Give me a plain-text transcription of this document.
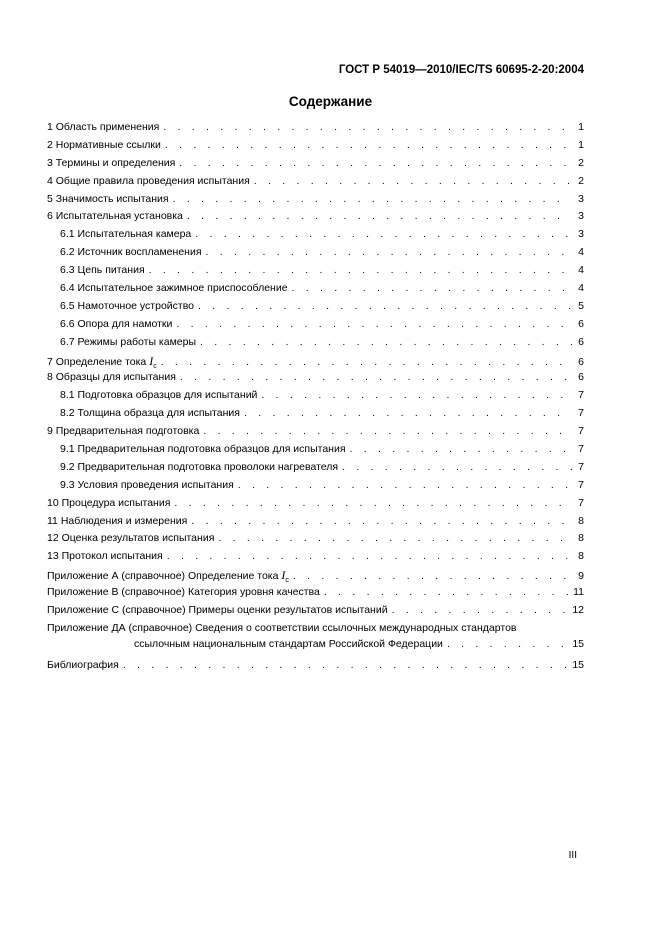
ГОСТ Р 54019—2010/IEC/TS 60695-2-20:2004
Содержание
1 Область применения . . .	1
2 Нормативные ссылки . . .	1
3 Термины и определения . . .	2
4 Общие правила проведения испытания . . .	2
5 Значимость испытания . . .	3
6 Испытательная установка . . .	3
6.1 Испытательная камера . . .	3
6.2 Источник воспламенения . . .	4
6.3 Цепь питания . . .	4
6.4 Испытательное зажимное приспособление . . .	4
6.5 Намоточное устройство . . .	5
6.6 Опора для намотки . . .	6
6.7 Режимы работы камеры . . .	6
7 Определение тока $I_c$ . . .	6
8 Образцы для испытания . . .	6
8.1 Подготовка образцов для испытаний . . .	7
8.2 Толщина образца для испытания . . .	7
9 Предварительная подготовка . . .	7
9.1 Предварительная подготовка образцов для испытания . . .	7
9.2 Предварительная подготовка проволоки нагревателя . . .	7
9.3 Условия проведения испытания . . .	7
10 Процедура испытания . . .	7
11 Наблюдения и измерения . . .	8
12 Оценка результатов испытания . . .	8
13 Протокол испытания . . .	8
Приложение А (справочное) Определение тока $I_c$ . . .	9
Приложение В (справочное) Категория уровня качества . . .	11
Приложение С (справочное) Примеры оценки результатов испытаний . . .	12
Приложение ДА (справочное) Сведения о соответствии ссылочных международных стандартов
ссылочным национальным стандартам Российской Федерации . . .	15
Библиография . . .	15
III
